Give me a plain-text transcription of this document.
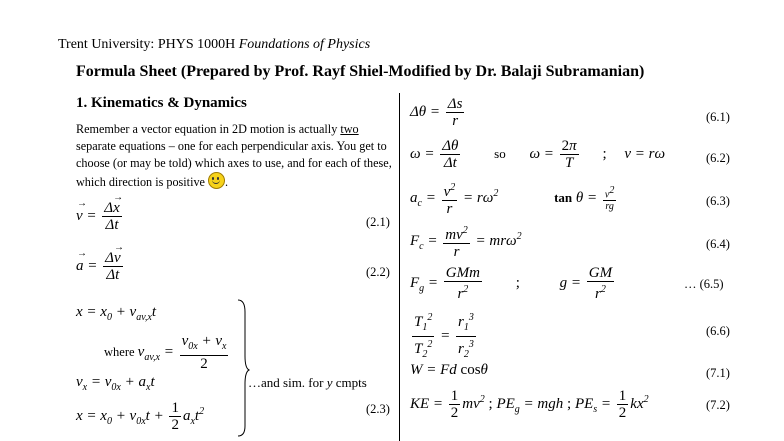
Trent University: PHYS 1000H Foundations of Physics
Formula Sheet (Prepared by Prof. Rayf Shiel-Modified by Dr. Balaji Subramanian)
1. Kinematics & Dynamics
Remember a vector equation in 2D motion is actually two separate equations – one for each perpendicular axis. You get to choose (or may be told) which axes to use, and for each of these, which direction is positive .
v
→
= Δx
→
Δt	(2.1)
a
→
= Δv
→
Δt	(2.2)
$x = x_0 + v_{av,x}t$
where $v_{av,x} = \frac{v_{0x} + v_x}{2}$
$v_x = v_{0x} + a_xt$
$x = x_0 + v_{0x}t + \frac{1}{2} a_xt^2$	(2.3)
…and sim. for y cmpts
$\Delta\theta = \frac{\Delta s}{r}$	(6.1)
$\omega = \frac{\Delta\theta}{\Delta t}$	so $\omega = \frac{2\pi}{T}$ ; v = rω	(6.2)
$a_c = \frac{v^2}{r} = r\omega^2$	$\tan \theta = \frac{v^2}{rg}$	(6.3)
$F_c = \frac{mv^2}{r} = mr\omega^2$
(6.4)
$F_g = \frac{\text{GMm}}{r^2}$ ;	$g = \frac{GM}{r^2}$	… (6.5)
$\frac{T_1^2}{T_2^2} = \frac{r_1^3}{r_2^3}$	(6.6)
W = Fd cosθ	(7.1)
KE = $\frac{1}{2} mv^2$ ; $PE_g$ = mgh ; $PE_s = \frac{1}{2} kx^2$	(7.2)
